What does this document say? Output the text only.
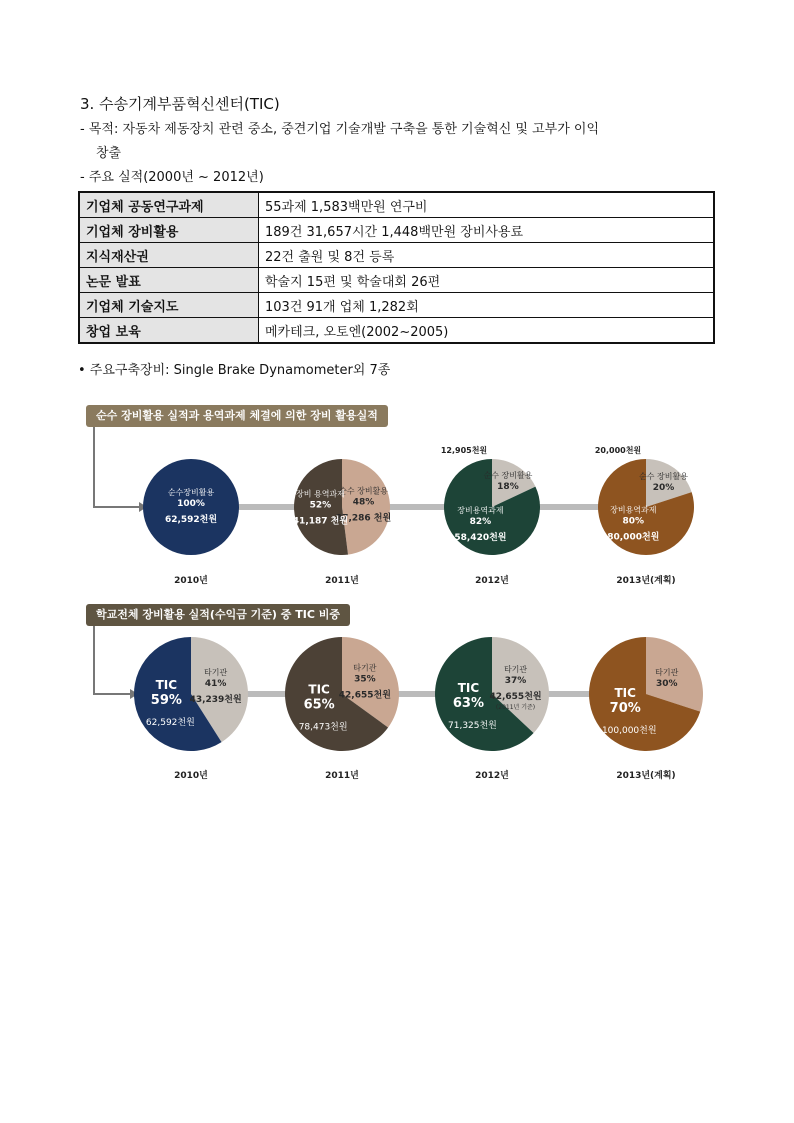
3. 수송기계부품혁신센터(TIC)
- 목적: 자동차 제동장치 관련 중소, 중견기업 기술개발 구축을 통한 기술혁신 및 고부가 이익
창출
- 주요 실적(2000년 ~ 2012년)
기업체 공동연구과제	55과제 1,583백만원 연구비
기업체 장비활용	189건 31,657시간 1,448백만원 장비사용료
지식재산권	22건 출원 및 8건 등록
논문 발표	학술지 15편 및 학술대회 26편
기업체 기술지도	103건 91개 업체 1,282회
창업 보육	메카테크, 오토엔(2002~2005)
• 주요구축장비: Single Brake Dynamometer외 7종
순수 장비활용 실적과 용역과제 체결에 의한 장비 활용실적
순수장비활용
100%
62,592천원
2010년
순수 장비활용
48%
37,286 천원
장비 용역과제
52%
41,187 천원
2011년
순수 장비활용
18%
장비용역과제
82%
58,420천원
12,905천원
2012년
순수 장비활용
20%
장비용역과제
80%
80,000천원
20,000천원
2013년(계획)
학교전체 장비활용 실적(수익금 기준) 중 TIC 비중
타기관
41%
43,239천원
TIC
59%
62,592천원
2010년
타기관
35%
42,655천원
TIC
65%
78,473천원
2011년
타기관
37%
42,655천원
(2011년 기준)
TIC
63%
71,325천원
2012년
타기관
30%
TIC
70%
100,000천원
2013년(계획)
